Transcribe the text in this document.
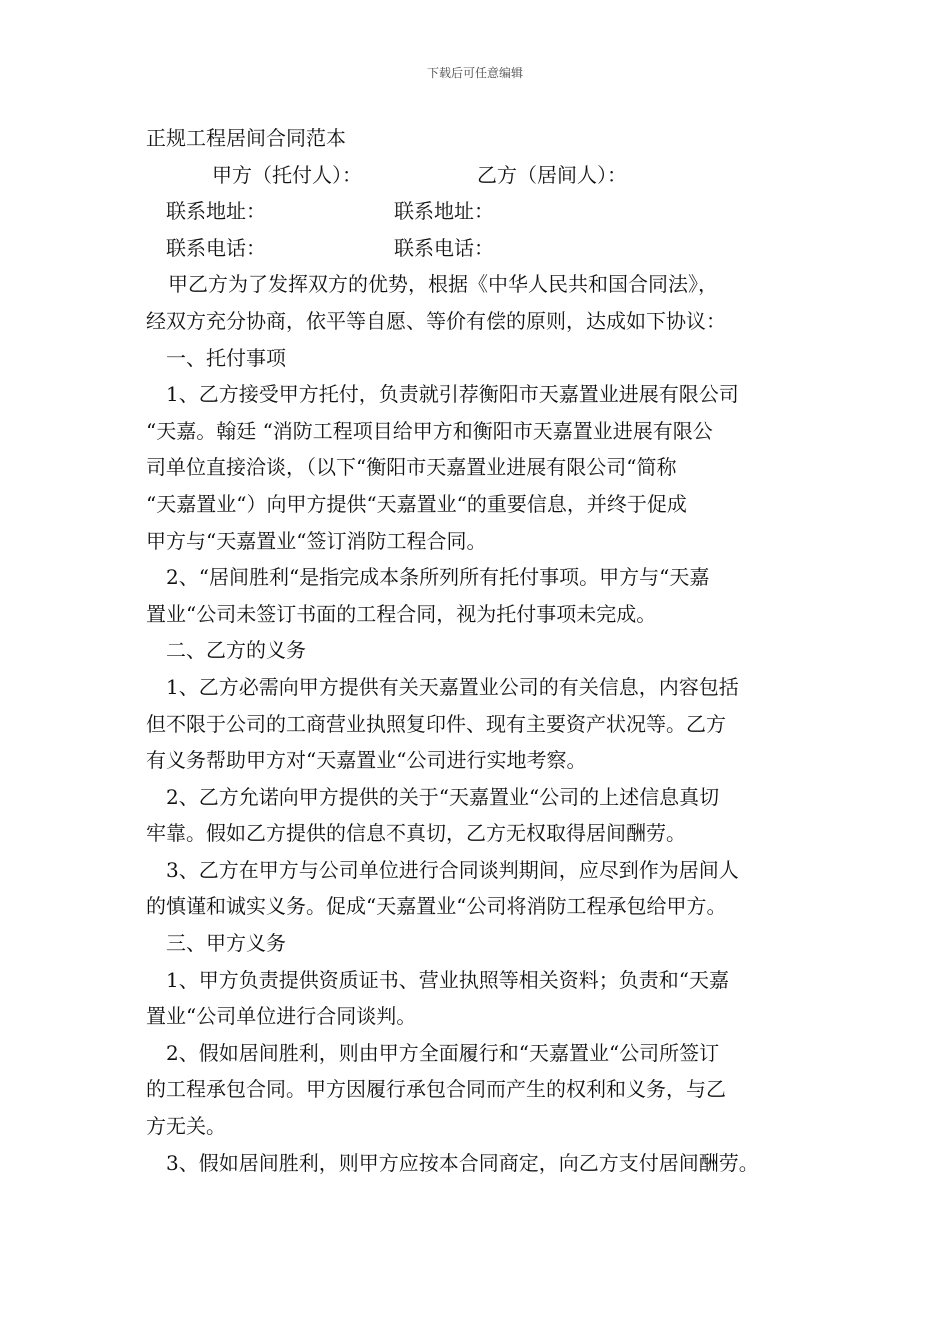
下载后可任意编辑
正规工程居间合同范本
甲方（托付人）：	乙方（居间人）：
联系地址：	联系地址：
联系电话：	联系电话：
甲乙方为了发挥双方的优势，根据《中华人民共和国合同法》，
经双方充分协商，依平等自愿、等价有偿的原则，达成如下协议：
一、托付事项
1、乙方接受甲方托付，负责就引荐衡阳市天嘉置业进展有限公司
“天嘉。翰廷 “消防工程项目给甲方和衡阳市天嘉置业进展有限公
司单位直接洽谈，（以下“衡阳市天嘉置业进展有限公司“简称
“天嘉置业“）向甲方提供“天嘉置业“的重要信息，并终于促成
甲方与“天嘉置业“签订消防工程合同。
2、“居间胜利“是指完成本条所列所有托付事项。甲方与“天嘉
置业“公司未签订书面的工程合同，视为托付事项未完成。
二、乙方的义务
1、乙方必需向甲方提供有关天嘉置业公司的有关信息，内容包括
但不限于公司的工商营业执照复印件、现有主要资产状况等。乙方
有义务帮助甲方对“天嘉置业“公司进行实地考察。
2、乙方允诺向甲方提供的关于“天嘉置业“公司的上述信息真切
牢靠。假如乙方提供的信息不真切，乙方无权取得居间酬劳。
3、乙方在甲方与公司单位进行合同谈判期间，应尽到作为居间人
的慎谨和诚实义务。促成“天嘉置业“公司将消防工程承包给甲方。
三、甲方义务
1、甲方负责提供资质证书、营业执照等相关资料；负责和“天嘉
置业“公司单位进行合同谈判。
2、假如居间胜利，则由甲方全面履行和“天嘉置业“公司所签订
的工程承包合同。甲方因履行承包合同而产生的权利和义务，与乙
方无关。
3、假如居间胜利，则甲方应按本合同商定，向乙方支付居间酬劳。
